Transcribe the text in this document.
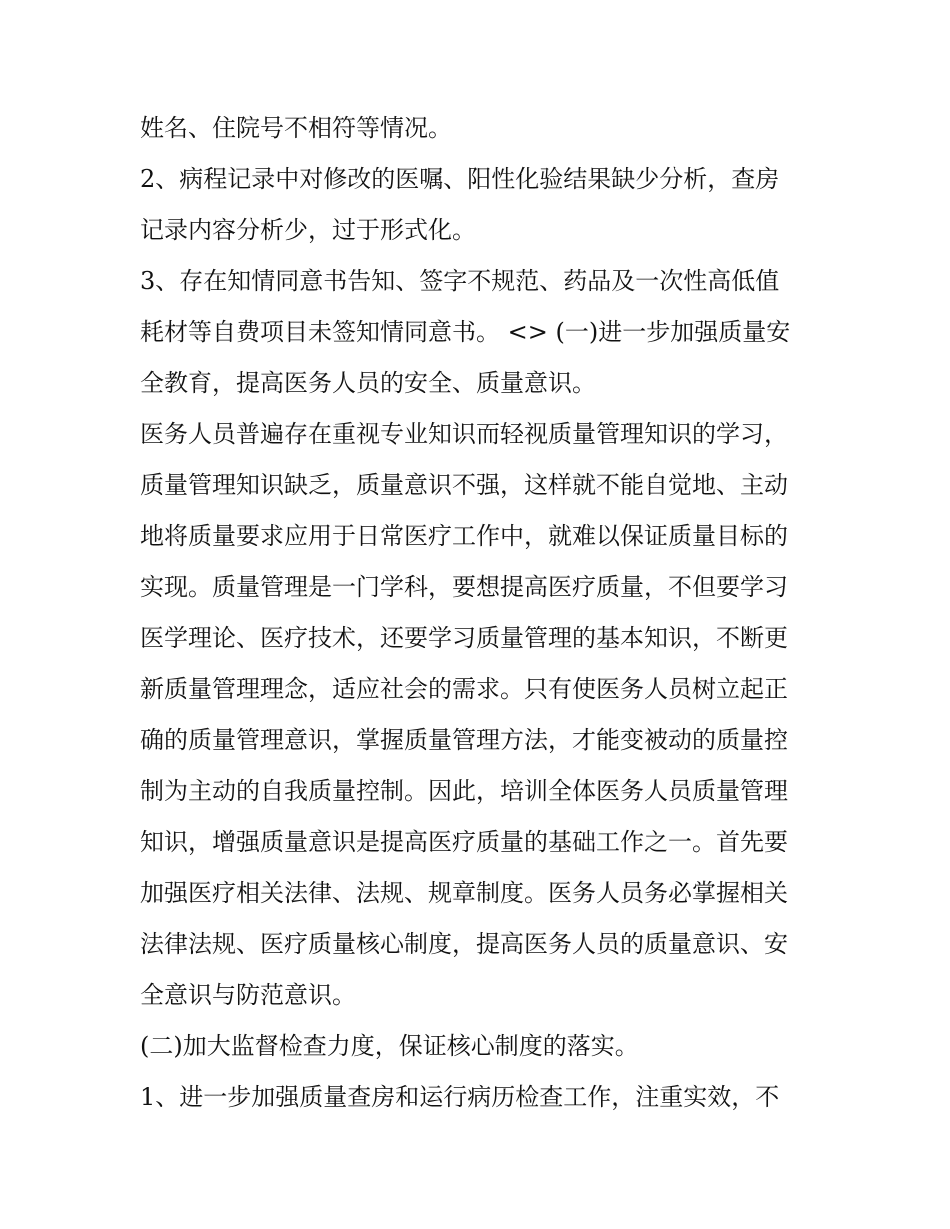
姓名、住院号不相符等情况。
2、病程记录中对修改的医嘱、阳性化验结果缺少分析，查房
记录内容分析少，过于形式化。
3、存在知情同意书告知、签字不规范、药品及一次性高低值
耗材等自费项目未签知情同意书。 <> (一)进一步加强质量安
全教育，提高医务人员的安全、质量意识。
医务人员普遍存在重视专业知识而轻视质量管理知识的学习，
质量管理知识缺乏，质量意识不强，这样就不能自觉地、主动
地将质量要求应用于日常医疗工作中，就难以保证质量目标的
实现。质量管理是一门学科，要想提高医疗质量，不但要学习
医学理论、医疗技术，还要学习质量管理的基本知识，不断更
新质量管理理念，适应社会的需求。只有使医务人员树立起正
确的质量管理意识，掌握质量管理方法，才能变被动的质量控
制为主动的自我质量控制。因此，培训全体医务人员质量管理
知识，增强质量意识是提高医疗质量的基础工作之一。首先要
加强医疗相关法律、法规、规章制度。医务人员务必掌握相关
法律法规、医疗质量核心制度，提高医务人员的质量意识、安
全意识与防范意识。
(二)加大监督检查力度，保证核心制度的落实。
1、进一步加强质量查房和运行病历检查工作，注重实效，不
